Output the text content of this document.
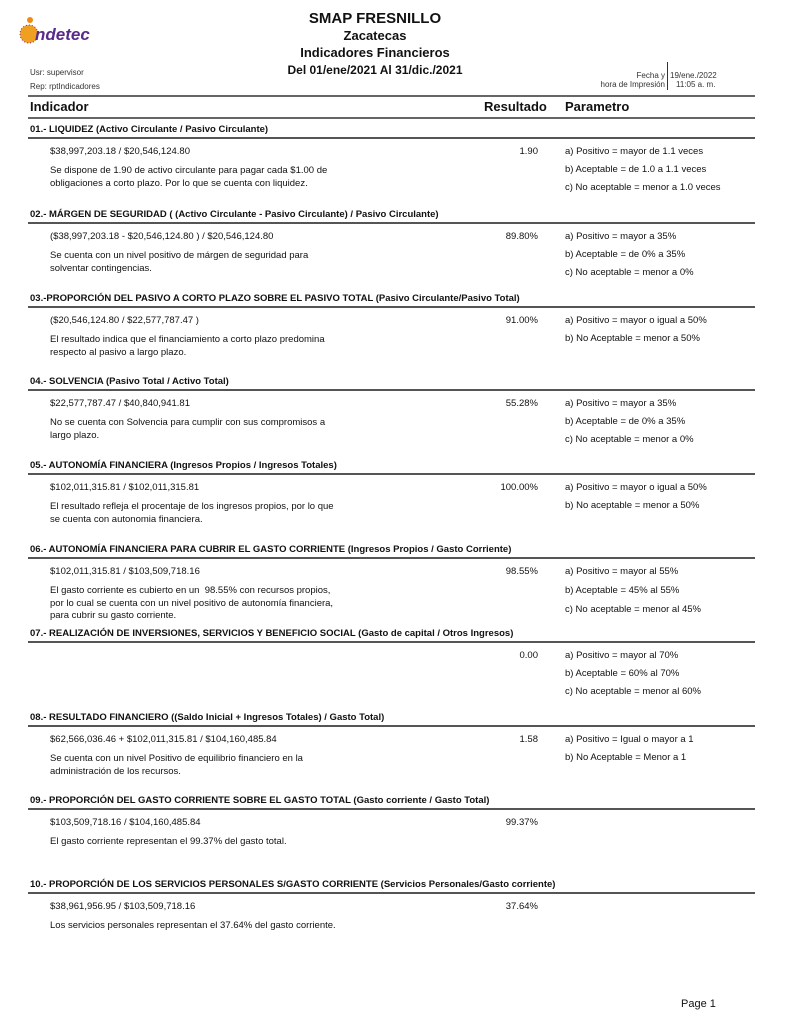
ndetec
SMAP FRESNILLO
Zacatecas
Indicadores Financieros
Del 01/ene/2021 Al 31/dic./2021
Usr: supervisor
Rep: rptIndicadores
Fecha y
hora de Impresión
19/ene./2022
11:05 a. m.
Indicador	Resultado Parametro
01.- LIQUIDEZ (Activo Circulante / Pasivo Circulante)
$38,997,203.18 / $20,546,124.80	1.90
Se dispone de 1.90 de activo circulante para pagar cada $1.00 de
obligaciones a corto plazo. Por lo que se cuenta con liquidez.
a) Positivo = mayor de 1.1 veces
b) Aceptable = de 1.0 a 1.1 veces
c) No aceptable = menor a 1.0 veces
02.- MÁRGEN DE SEGURIDAD ( (Activo Circulante - Pasivo Circulante) / Pasivo Circulante)
($38,997,203.18 - $20,546,124.80 ) / $20,546,124.80	89.80%
Se cuenta con un nivel positivo de márgen de seguridad para
solventar contingencias.
a) Positivo = mayor a 35%
b) Aceptable = de 0% a 35%
c) No aceptable = menor a 0%
03.-PROPORCIÓN DEL PASIVO A CORTO PLAZO SOBRE EL PASIVO TOTAL (Pasivo Circulante/Pasivo Total)
($20,546,124.80 / $22,577,787.47 )	91.00%
El resultado indica que el financiamiento a corto plazo predomina
respecto al pasivo a largo plazo.
a) Positivo = mayor o igual a 50%
b) No Aceptable = menor a 50%
04.- SOLVENCIA (Pasivo Total / Activo Total)
$22,577,787.47 / $40,840,941.81	55.28%
No se cuenta con Solvencia para cumplir con sus compromisos a
largo plazo.
a) Positivo = mayor a 35%
b) Aceptable = de 0% a 35%
c) No aceptable = menor a 0%
05.- AUTONOMÍA FINANCIERA (Ingresos Propios / Ingresos Totales)
$102,011,315.81 / $102,011,315.81	100.00%
El resultado refleja el procentaje de los ingresos propios, por lo que
se cuenta con autonomia financiera.
a) Positivo = mayor o igual a 50%
b) No aceptable = menor a 50%
06.- AUTONOMÍA FINANCIERA PARA CUBRIR EL GASTO CORRIENTE (Ingresos Propios / Gasto Corriente)
$102,011,315.81 / $103,509,718.16	98.55%
El gasto corriente es cubierto en un  98.55% con recursos propios,
por lo cual se cuenta con un nivel positivo de autonomía financiera,
para cubrir su gasto corriente.
a) Positivo = mayor al 55%
b) Aceptable = 45% al 55%
c) No aceptable = menor al 45%
07.- REALIZACIÓN DE INVERSIONES, SERVICIOS Y BENEFICIO SOCIAL (Gasto de capital / Otros Ingresos)
0.00	a) Positivo = mayor al 70%
b) Aceptable = 60% al 70%
c) No aceptable = menor al 60%
08.- RESULTADO FINANCIERO ((Saldo Inicial + Ingresos Totales) / Gasto Total)
$62,566,036.46 + $102,011,315.81 / $104,160,485.84	1.58
Se cuenta con un nivel Positivo de equilibrio financiero en la
administración de los recursos.
a) Positivo = Igual o mayor a 1
b) No Aceptable = Menor a 1
09.- PROPORCIÓN DEL GASTO CORRIENTE SOBRE EL GASTO TOTAL (Gasto corriente / Gasto Total)
$103,509,718.16 / $104,160,485.84	99.37%
El gasto corriente representan el 99.37% del gasto total.
10.- PROPORCIÓN DE LOS SERVICIOS PERSONALES S/GASTO CORRIENTE (Servicios Personales/Gasto corriente)
$38,961,956.95 / $103,509,718.16	37.64%
Los servicios personales representan el 37.64% del gasto corriente.
Page 1
